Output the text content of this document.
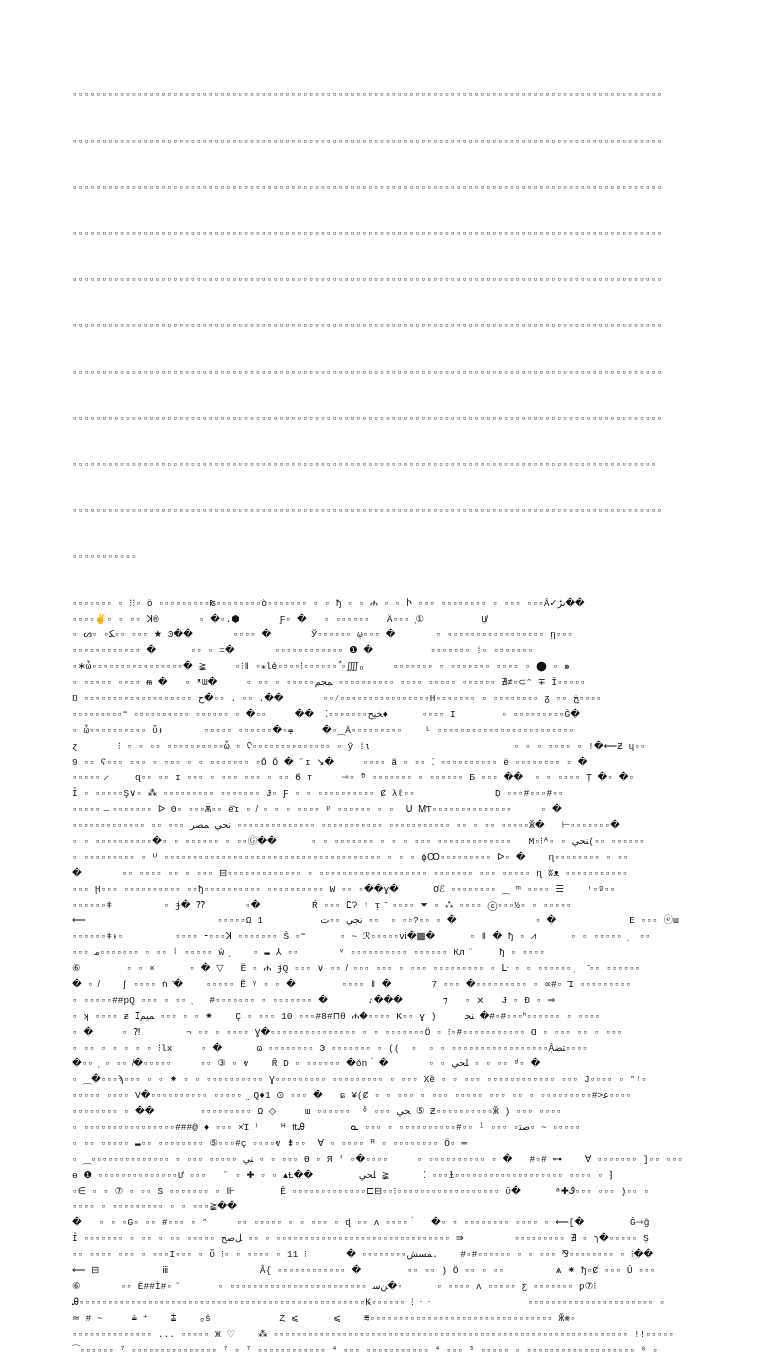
▫▫▫▫▫▫▫▫▫▫▫▫▫▫▫▫▫▫▫▫▫▫▫▫▫▫▫▫▫▫▫▫▫▫▫▫▫▫▫▫▫▫▫▫▫▫▫▫▫▫▫▫▫▫▫▫▫▫▫▫▫▫▫▫▫▫▫▫▫▫▫▫▫▫▫▫▫▫▫▫▫▫▫▫▫▫▫▫▫▫▫▫▫▫▫▫▫▫▫▫

▫▫▫▫▫▫▫▫▫▫▫▫▫▫▫▫▫▫▫▫▫▫▫▫▫▫▫▫▫▫▫▫▫▫▫▫▫▫▫▫▫▫▫▫▫▫▫▫▫▫▫▫▫▫▫▫▫▫▫▫▫▫▫▫▫▫▫▫▫▫▫▫▫▫▫▫▫▫▫▫▫▫▫▫▫▫▫▫▫▫▫▫▫▫▫▫▫▫▫▫

▫▫▫▫▫▫▫▫▫▫▫▫▫▫▫▫▫▫▫▫▫▫▫▫▫▫▫▫▫▫▫▫▫▫▫▫▫▫▫▫▫▫▫▫▫▫▫▫▫▫▫▫▫▫▫▫▫▫▫▫▫▫▫▫▫▫▫▫▫▫▫▫▫▫▫▫▫▫▫▫▫▫▫▫▫▫▫▫▫▫▫▫▫▫▫▫▫▫▫▫

▫▫▫▫▫▫▫▫▫▫▫▫▫▫▫▫▫▫▫▫▫▫▫▫▫▫▫▫▫▫▫▫▫▫▫▫▫▫▫▫▫▫▫▫▫▫▫▫▫▫▫▫▫▫▫▫▫▫▫▫▫▫▫▫▫▫▫▫▫▫▫▫▫▫▫▫▫▫▫▫▫▫▫▫▫▫▫▫▫▫▫▫▫▫▫▫▫▫▫▫

▫▫▫▫▫▫▫▫▫▫▫▫▫▫▫▫▫▫▫▫▫▫▫▫▫▫▫▫▫▫▫▫▫▫▫▫▫▫▫▫▫▫▫▫▫▫▫▫▫▫▫▫▫▫▫▫▫▫▫▫▫▫▫▫▫▫▫▫▫▫▫▫▫▫▫▫▫▫▫▫▫▫▫▫▫▫▫▫▫▫▫▫▫▫▫▫▫▫▫▫

▫▫▫▫▫▫▫▫▫▫▫▫▫▫▫▫▫▫▫▫▫▫▫▫▫▫▫▫▫▫▫▫▫▫▫▫▫▫▫▫▫▫▫▫▫▫▫▫▫▫▫▫▫▫▫▫▫▫▫▫▫▫▫▫▫▫▫▫▫▫▫▫▫▫▫▫▫▫▫▫▫▫▫▫▫▫▫▫▫▫▫▫▫▫▫▫▫▫▫▫

▫▫▫▫▫▫▫▫▫▫▫▫▫▫▫▫▫▫▫▫▫▫▫▫▫▫▫▫▫▫▫▫▫▫▫▫▫▫▫▫▫▫▫▫▫▫▫▫▫▫▫▫▫▫▫▫▫▫▫▫▫▫▫▫▫▫▫▫▫▫▫▫▫▫▫▫▫▫▫▫▫▫▫▫▫▫▫▫▫▫▫▫▫▫▫▫▫▫▫▫

▫▫▫▫▫▫▫▫▫▫▫▫▫▫▫▫▫▫▫▫▫▫▫▫▫▫▫▫▫▫▫▫▫▫▫▫▫▫▫▫▫▫▫▫▫▫▫▫▫▫▫▫▫▫▫▫▫▫▫▫▫▫▫▫▫▫▫▫▫▫▫▫▫▫▫▫▫▫▫▫▫▫▫▫▫▫▫▫▫▫▫▫▫▫▫▫▫▫▫▫

▫▫▫▫▫▫▫▫▫▫▫▫▫▫▫▫▫▫▫▫▫▫▫▫▫▫▫▫▫▫▫▫▫▫▫▫▫▫▫▫▫▫▫▫▫▫▫▫▫▫▫▫▫▫▫▫▫▫▫▫▫▫▫▫▫▫▫▫▫▫▫▫▫▫▫▫▫▫▫▫▫▫▫▫▫▫▫▫▫▫▫▫▫▫▫▫▫▫▫

▫▫▫▫▫▫▫▫▫▫▫▫▫▫▫▫▫▫▫▫▫▫▫▫▫▫▫▫▫▫▫▫▫▫▫▫▫▫▫▫▫▫▫▫▫▫▫▫▫▫▫▫▫▫▫▫▫▫▫▫▫▫▫▫▫▫▫▫▫▫▫▫▫▫▫▫▫▫▫▫▫▫▫▫▫▫▫▫▫▫▫▫▫▫▫▫▫▫▫▫

▫▫▫▫▫▫▫▫▫▫▫

▫▫▫▫▫▫▫ ▫ ⁝⁝▫ ö ▫▫▫▫▫▫▫▫▫₨▫▫▫▫▫▫▫▫ò▫▫▫▫▫▫▫ ▫ ▫ ђ ▫ ▫ ሐ ▫ ▫ Ⴡ ▫▫▫ ▫▫▫▫▫▫▫▫ ▫ ▫▫▫ ▫▫▫Â✓ىڑ��
▫▫▫▫✌▫ ▫ ▫▫ ꓘ®       ▫ �▫.⬢       Ƒ▫ �   ▫ ▫▫▫▫▫▫   Ӓ▫▫▫ ̦①          Ṳ̸
▫ ᔕ▫ ▫ﻜ▫▫ ▫▫▫ ★ Ͽ��       ▫▫▫▫ �       Ў▫▫▫▫▫▫ ῳ▫▫▫ �       ▫ ▫▫▫▫▫▫▫▫▫▫▫▫▫▫▫▫▫ ῃ▫▫▫
▫▫▫▫▫▫▫▫▫▫▫▫ �      ▫▫ ▫ =�       ▫▫▫▫▫▫▫▫▫▫▫▫ ❶ �          ▫▫▫▫▫▫▫ ⁞▫ ▫▫▫▫▫▫▫
▫∗ὦ▫▫▫▫▫▫▫▫▫▫▫▫▫▫▫▫� ≩     ▫⁝ǁ ▫⁎lẻ▫▫▫▫⁝▫▫▫▫▫▫ ٌ▫⨌ₒ     ▫▫▫▫▫▫▫ ▫ ▫▫▫▫▫▫▫ ▫▫▫▫ ▫ ⬤ ▫ ๑
▫ ▫▫▫▫▫ ▫▫▫▫ ᵯ �   ▫ ᵜƜ�     ▫ ▫▫ ▫ ▫▫▫▫▫ﻤﺠﻢ ▫▫▫▫▫▫▫▫▫▫ ▫▫▫▫ ▫▫▫▫▫ ▫▫▫▫▫▫ ∄≠▫⊂ᵔ ∓ Ī▫▫▫▫▫
Ŋ ▫▫▫▫▫▫▫▫▫▫▫▫▫▫▫▫▫▫▫ ح�▫▫ . ▫▫ .��       ▫▫⁄▫▫▫▫▫▫▫▫▫▫▫▫▫▫▫▫H▫▫▫▫▫▫▫ ▫ ▫▫▫▫▫▫▫▫ ᵹ ▫▫ ﺦ▫▫▫▫
▫▫▫▫▫▫▫▫▫⁼ ▫▫▫▫▫▫▫▫▫▫ ▫▫▫▫▫▫ ▫ �▫▫     ��  ⁚▫▫▫▫▫▫▫ﺨﻴﺢ♦      ▫▫▫▫ Ι        ▫ ▫▫▫▫▫▫▫▫▫Ĝ�
▫ ὦ▫▫▫▫▫▫▫▫▫▫ ῧᵻ       ▫▫▫▫▫ ▫▫▫▫▫▫�▫⩦     �▫⁔Ä▫▫▫▫▫▫▫▫▫    ᴸ ▫▫▫▫▫▫▫▫▫▫▫▫▫▫▫▫▫▫▫▫▫▫▫▫
ɀ       ⁝ ▫ ▫ ▫▫ ▫▫▫▫▫▫▫▫▫▫ὦ ▫ ᢗ▫▫▫▫▫▫▫▫▫▫▫▫▫▫ ▫ ў ⁞ɩ                         ▫ ▫ ▫ ▫▫▫▫ ▫ !�⟵Ƶ ɥ▫▫
9 ▫▫ ʕ▫▫▫ ▫▫▫ ▫ ▫▫▫ ▫ ▫ ▫▫▫▫▫▫▫ ▫Ŏ Ŏ � ˝ɪ ↘�     ▫▫▫▫ ã ▫ ▫▫ ⁚ ▫▫▫▫▫▫▫▫▫▫ ё ▫▫▫▫▫▫▫▫ ▫ �
▫▫▫▫▫ ̷     ɋ▫▫ ▫▫ ɪ ▫▫▫ ▫ ▫▫▫ ▫▫▫ ▫ ▫▫ ϐ ᴛ     ⇾▫ ᴮ ▫▫▫▫▫▫▫ ▫ ▫▫▫▫▫▫ Ƃ ▫▫▫ ��  ▫ ▫ ▫▫▫▫ Ţ �▫ �▫
Ỉ ▫ ▫▫▫▫▫Ş∨▫ ⁂ ▫▫▫▫▫▫▫▫▫ ▫▫▫▫▫▫▫ Ɉ▫ Ƒ ▫ ▫ ▫▫▫▫▫▫▫▫▫▫ Ȼ λℓ▫▫              Ḍ ▫▫▫#▫▫▫#▫▫
▫▫▫▫▫ ̶ ▫▫▫▫▫▫▫ ᐅ Θ▫ ▫▫▫Ѫ▫▫ ё̄ɪ ▫ ̸ ▫ ▫ ▫ ▫▫▫▫ ᵖ ▫▫▫▫▫▫ ▫ ▫  ᑌ ᎷƬ▫▫▫▫▫▫▫▫▫▫▫▫▫▫     ▫ �
▫▫▫▫▫▫▫▫▫▫▫▫▫ ▫▫ ▫▫▫ ﻧﺤﻲ ﻤﺼﺮ ▫▫▫▫▫▫▫▫▫▫▫▫▫▫ ▫▫▫▫▫▫▫▫▫▫▫ ▫▫▫▫▫▫▫▫▫▫▫ ▫▫ ▫ ▫▫ ▫▫▫▫▫Ӂ�   ⊢▫▫▫▫▫▫▫�
▫ ▫ ▫▫▫▫▫▫▫▫▫▫�▫ ▫ ▫▫▫▫▫▫ ▫ ▫▫Ⓖ��      ▫ ▫ ▫▫▫▫▫▫▫ ▫ ▫ ▫ ▫▫▫ ▫▫▫▫▫▫▫▫▫▫▫▫▫   M▫⁝ᴬ▫ ▫ ﻨﺤﻲ(▫▫ ▫▫▫▫▫▫
▫ ▫▫▫▫▫▫▫▫▫ ▫ ᵁ ▫▫▫▫▫▫▫▫▫▫▫▫▫▫▫▫▫▫▫▫▫▫▫▫▫▫▫▫▫▫▫▫▫▫▫▫▫▫ ▫ ▫ ▫ ɸꝎ▫▫▫▫▫▫▫▫▫ ᐅ▫ �    ɳ▫▫▫▫▫▫▫▫ ▫ ▫▫
�       ▫▫ ▫▫▫▫ ▫▫ ▫ ▫▫▫ ⊟▫▫▫▫▫▫▫▫▫▫▫▫▫ ▫ ▫▫▫▫▫▫▫▫▫▫▫▫▫▫▫▫▫▫▫ ▫▫▫▫▫▫▫ ▫▫▫ ▫▫▫▫▫ ɳ ʬᴥ ▫▫▫▫▫▫▫▫▫▫▫
▫▫▫ Ḩ▫▫▫ ▫▫▫▫▫▫▫▫▫▫ ▫▫ђ▫▫▫▫▫▫▫▫▫▫ ▫▫▫▫▫▫▫▫▫▫ W ▫▫ ▫��ɣ�      Ơℰ ▫▫▫▫▫▫▫▫ ⁔ ᵐ ▫▫▫▫ ☰    ᶦ▫ᵍ▫▫
▫▫▫▫▫▫ǂ         ▫ ɉ� ⁇       ▫�         Ŕ ▫▫▫ ᏝɁ ᵎ ᴉ ̄ ▫▫▫▫ ⏷ ▫ ⁂ ▫▫▫▫ ⓒ▫▫▫½▫ ▫ ▫▫▫▫▫
⟵                       ▫▫▫▫▫Ω 1          ﻧﺠﻲ ▫▫ت ▫▫  ▫ ▫▫?▫▫ ▫ �              ▫ �             E ▫▫▫ ⓔɯ
▫▫▫▫▫▫ǂᵼ▫         ▫▫▫▫ ⁃▫▫▫ꓘ ▫▫▫▫▫▫▫ Ŝ ▫⁼      ▫ ~ ℛ▫▫▫▫▫ⅵ�▩�      ▫ ǁ � ђ ▫ ⩘      ▫ ▫ ▫▫▫▫▫ ̖  ▫▫
▫▫▫ ﻣ▫▫▫▫▫▫▫ ▫ ▫▫ ᶩ ▫▫▫▫▫ ŵ ̗    ▫ ▬ ⅄ ▫▫       ᵛ ▫▫▫▫▫▫▫▫▫▫ ▫▫▫▫▫▫ Кл ̈     ђ ▫ ▫▫▫▫
⑥        ▫ ▫ ×      ▫ � ▽   Ȅ ▫ ሐ ɉQ ▫▫▫ ∨ ▫▫ ̸ ▫▫▫ ▫▫▫ ▫ ▫▫▫ ▫▫▫▫▫▫▫▫▫ ▫ ᒷ ▫ ▫ ▫▫▫▫▫▫ ̣  ̄▫▫ ▫▫▫▫▫▫
� ▫ ̸    ʃ ▫▫▫▫ ǹ ̄�    ▫▫▫▫▫ Ẽ ᵞ ▫ ▫ �        ▫▫▫▫ ǁ �       7 ▫▫▫ �▫▫▫▫▫▫▫▫▫ ▫ ∝#▫ ̄I ▫▫▫▫▫▫▫▫▫
▫ ▫▫▫▫▫##pQ ▫▫▫ ▫ ▫▫ ̦   #▫▫▫▫▫▫▫ ▫ ▫▫▫▫▫▫▫ �       ♪���       ⁊   ▫ ⨯   Ɉ ▫ Đ ▫ ⇒
▫ ʞ ▫▫▫▫ ƶ ꕯﻤﻴﻢ ▫▫▫ ▫ ▫ ⁕    Ç ▫ ▫▫▫ 10 ▫▫▫#8#⊓θ ሐ�▫▫▫▫ K▫▫ ɣ )     ﻨﺠ �#▫#▫▫▫ᑋ▫▫▫▫▫▫ ▫ ▫▫▫▫
▫ �     ▫ ⁈        ¬ ▫▫ ▫ ▫▫▫▫ Ɣ�▫▫▫▫▫▫▫▫▫▫▫▫▫▫▫ ▫ ▫ ▫▫▫▫▫▫▫Ö ▫ ⁝▫#▫▫▫▫▫▫▫▫▫▫▫ Ɑ ▫ ▫▫▫ ▫▫ ▫ ▫▫▫
▫ ▫▫ ▫ ▫ ▫ ▫ ▫ ⁝lx     ▫ �      ɷ ▫▫▫▫▫▫▫▫ Э ▫▫▫▫▫▫▫ ▫ ((  ▫  ▫ ▫ ▫▫▫▫▫▫▫▫▫▫▫▫▫▫▫▫▫Ậﺘﻀ▫▫▫▫
�▫▫ ̦ ▫ ▫▫ ̸�▫▫▫▫▫     ▫▫ ③ ▫ ⱴ    Ȓ D ▫ ▫▫▫▫▫▫ �ŏn ́ �       ▫ ▫ ﻠﺤﻲ ▫ ▫ ▫▫ ᵈ▫ �
▫ ⁔�▫▫▫ϡ▫▫▫ ▫ ▫ ⁕ ▫ ▫ ▫▫▫▫▫▫▫▫▫▫ Ɣ▫▫▫▫▫▫▫▫▫ ▫▫▫▫▫▫▫▫▫ ▫ ▫▫▫ Xȅ ▫ ▫ ▫▫▫ ▫▫▫▫▫▫▫▫▫▫▫▫ ▫▫▫ J▫▫▫▫ ▫ ᵔᵎ▫
▫▫▫▫▫ ▫▫▫▫ V�▫▫▫▫▫▫▫▫▫▫ ▫▫▫▫▫ ̤ Q♦1 ⊙ ▫▫▫ �   ɕ ¥(Ȼ ▫ ▫ ▫▫▫ ▫ ▫▫▫ ▫▫▫▫▫ ▫▫▫ ▫▫ ▫ ▫▫▫▫▫▫▫▫▫#>ﻋ▫▫▫▫
▫▫▫▫▫▫▫▫ ▫ ��        ▫▫▫▫▫▫▫▫▫ Ω ◇     ɯ ▫▫▫▫▫▫  ᵟ ▫▫▫ ﺤﻲ ⑤ Ƶ▫▫▫▫▫▫▫▫▫▫Ӂ ) ▫▫▫ ▫▫▫▫
▫ ▫▫▫▫▫▫▫▫▫▫▫▫▫▫▫▫###@ ♦ ▫▫▫ ×Ἰ ⁾    ᴴ ₶Ꭿ        ᓇ ▫▫▫ ▫ ▫▫▫▫▫▫▫▫▫▫#▫▫ ˡ ▫▫▫ ▫ﺻﺘ▫ ~ ▫▫▫▫▫
▫ ▫▫ ▫▫▫▫▫ ▬▫▫ ▫▫▫▫▫▫▫▫ ⑤▫▫▫#ç ▫▫▫▫ⱴ ⇟▫▫  ꓯ ▫ ▫▫▫▫ ᴿ ▫ ▫▫▫▫▫▫▫▫ Ö▫ ═
▫ ⁔▫▫▫▫▫▫▫▫▫▫▫▫▫▫ ▫ ▫▫▫ ▫▫▫▫▫ ﻨﻲ ▫ ▫ ▫▫▫ ϴ ▫ Я ' ▫�▫▫▫▫     ▫ ▫▫▫▫▫▫▫▫▫▫ ▫ �   #▫# ⊶    ∀ ▫▫▫▫▫▫▫ ]▫▫ ▫▫▫
ɵ ❶ ▫▫▫▫▫▫▫▫▫▫▫▫▫▫Ư ▫▫▫   ˝ ▫ ✚ ▫ ▫ ▴Ɫ��        ﻠﺤﻲ ≩      ⁚ ▫▫▫ɫ▫▫▫▫▫▫▫▫▫▫▫▫▫▫▫▫▫▫▫ ▫▫▫▫ ▫ ⁆
▫∈ ▫ ▫ ⑦ ▫ ▫▫ S ▫▫▫▫▫▫▫ ▫ ⊪        Ē ▫▫▫▫▫▫▫▫▫▫▫▫▫⊏⊟▫▫⁝▫▫▫▫▫▫▫▫▫▫▫▫▫▫▫▫▫▫ ὒ�      ᵃ✚Ꮽ▫▫▫ ▫▫▫ )▫▫ ▫
▫▫▫▫ ▫ ▫▫▫▫▫▫▫▫▫ ▫ ▫ ▫▫▫≩��
�   ▫ ▫ ▫G▫ ▫▫ #▫▫▫ ▫ ᵔ     ▫▫ ▫▫▫▫▫ ▫ ▫ ▫▫▫ ▫ ɖ ▫▫ ʌ ▫▫▫▫ ̀   �▫ ▫ ▫▫▫▫▫▫▫▫ ▫▫▫▫ ▫ ⟵[�        Ĝ⇾ĝ
Ỉ ▫▫▫▫▫▫▫ ▫ ▫▫ ▫ ▫▫ ▫▫▫▫▫ ﻞﺻﺢ ▫▫ ▫ ▫▫▫▫▫▫▫▫▫▫▫▫▫▫▫▫▫▫▫▫▫▫▫▫▫▫▫▫▫▫▫ ⇛         ▫▫▫▫▫▫▫▫▫ ∄ ▫ ɿ�▫▫▫▫▫ Ș
▫▫ ▫▫▫▫ ▫▫▫ ▫ ▫▫▫I▫▫▫ ▫ ῧ ⁝▫ ▫ ▫▫▫▫ ▫ ﻤﺴﺶ▫▫▫▫▫▫▫▫ �       ⁝ 11.    #▫#▫▫▫▫▫▫ ▫ ▫ ▫▫▫ ⅋▫▫▫▫▫▫▫▫ ▫ ⁝��
⟵ ⊟           ⅲ                Ẳ{ ▫▫▫▫▫▫▫▫▫▫▫▫ �        ▫▫ ▫▫ ) Ö ▫▫ ▫ ▫▫         ѧ ⁕ ђ▫Ȼ ▫▫▫ Û ▫▫▫
⑥       ▫▫ È##Ì#▫ ̆       ▫ ▫▫▫▫▫▫▫▫▫▫▫▫▫▫▫▫▫▫▫▫▫▫▫▫ ﻦﺳ�◦      ▫ ▫▫▫▫ ʌ ▫▫▫▫▫ ƹ ▫▫▫▫▫▫▫ ƿ⑦⁝
Ꭿ▫▫▫▫▫▫▫▫▫▫▫▫▫▫▫▫▫▫▫▫▫▫▫▫▫▫▫▫▫▫▫▫▫▫▫▫▫▫▫▫▫▫▫▫▫▫▫▫▫▫Ꝃ▫▫▫▫▫▫ ⁝ ᐧ ᐧ                 ▫▫▫▫▫▫▫▫▫▫▫▫▫▫▫▫▫▫▫▫▫▫ ▫
≃ # ~     ⩮ ⁺    ⩲    ₒŝ            Ȥ ⩽      ⩽    ⩳▫▫▫▫▫▫▫▫▫▫▫▫▫▫▫▫▫▫▫▫▫▫▫▫▫▫▫▫▫▫▫▫ Ӂ⨳▫
▫▫▫▫▫▫▫▫▫▫▫▫▫▫ ... ▫▫▫▫▫ Ж ♡    ⁂ ▫▫▫▫▫▫▫▫▫▫▫▫▫▫▫▫▫▫▫▫▫▫▫▫▫▫▫▫▫▫▫▫▫▫▫▫▫▫▫▫▫▫▫▫▫▫▫▫▫▫▫▫▫▫▫▫▫▫▫▫▫▫ !!▫▫▫▫▫
⁀▫▫▫▫▫▫ ⁷ ▫▫▫▫▫▫▫▫▫▫▫▫▫▫▫ ⁷ ▫ ⁷ ▫▫▫▫▫▫▫▫▫▫▫▫ ⁴ ▫▫▫ ▫▫▫▫▫▫▫▫▫▫▫ ⁴ ▫▫▫ ⁵ ▫▫▫▫▫ ▫ ▫▫▫▫▫▫▫▫▫▫▫▫▫▫▫▫▫▫▫ ⁶ ▫
